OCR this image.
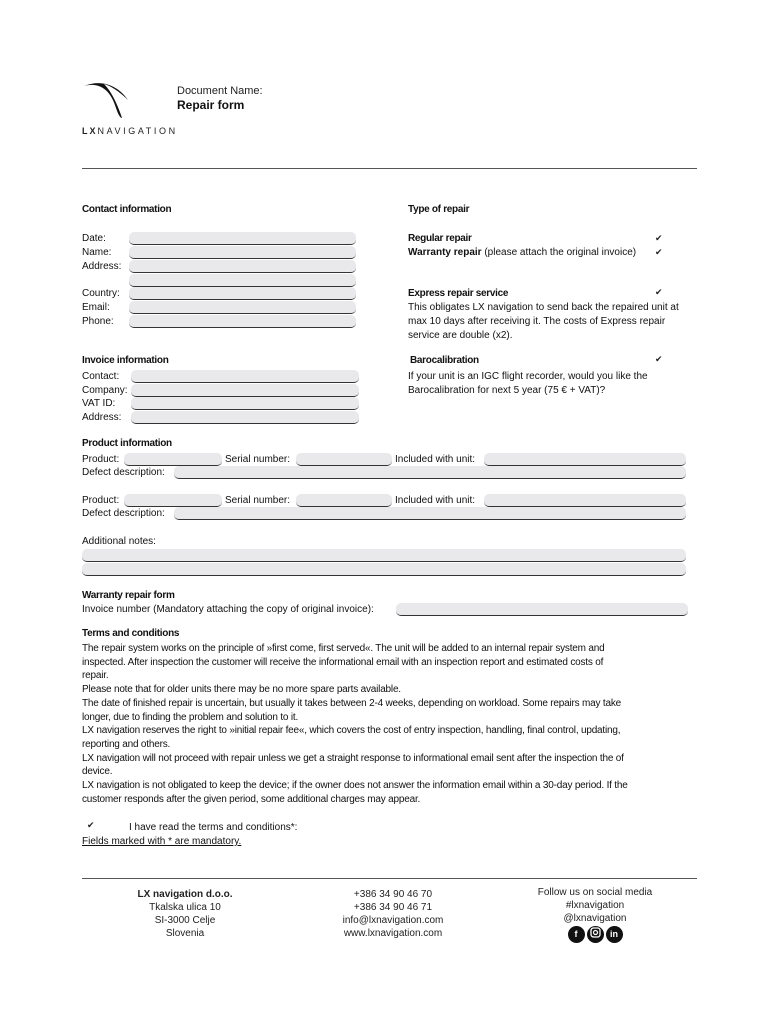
LXNAVIGATION
Document Name:
Repair form
Contact information
Date:
Name:
Address:
Country:
Email:
Phone:
Type of repair
Regular repair	✔
Warranty repair (please attach the original invoice) ✔
Express repair service	✔
This obligates LX navigation to send back the repaired unit at
max 10 days after receiving it. The costs of Express repair
service are double (x2).
Invoice information
Contact:
Company:
VAT ID:
Address:
Barocalibration	✔
If your unit is an IGC flight recorder, would you like the
Barocalibration for next 5 year (75 € + VAT)?
Product information
Product:	Serial number:	Included with unit:
Defect description:
Product:	Serial number:	Included with unit:
Defect description:
Additional notes:
Warranty repair form
Invoice number (Mandatory attaching the copy of original invoice):
Terms and conditions
The repair system works on the principle of »first come, first served«. The unit will be added to an internal repair system and
inspected. After inspection the customer will receive the informational email with an inspection report and estimated costs of
repair.
Please note that for older units there may be no more spare parts available.
The date of finished repair is uncertain, but usually it takes between 2-4 weeks, depending on workload. Some repairs may take
longer, due to finding the problem and solution to it.
LX navigation reserves the right to »initial repair fee«, which covers the cost of entry inspection, handling, final control, updating,
reporting and others.
LX navigation will not proceed with repair unless we get a straight response to informational email sent after the inspection the of
device.
LX navigation is not obligated to keep the device; if the owner does not answer the information email within a 30-day period. If the
customer responds after the given period, some additional charges may appear.
✔	I have read the terms and conditions*:
Fields marked with * are mandatory.
LX navigation d.o.o.
Tkalska ulica 10
SI-3000 Celje
Slovenia
+386 34 90 46 70
+386 34 90 46 71
info@lxnavigation.com
www.lxnavigation.com
Follow us on social media
#lxnavigation
@lxnavigation
f	in
